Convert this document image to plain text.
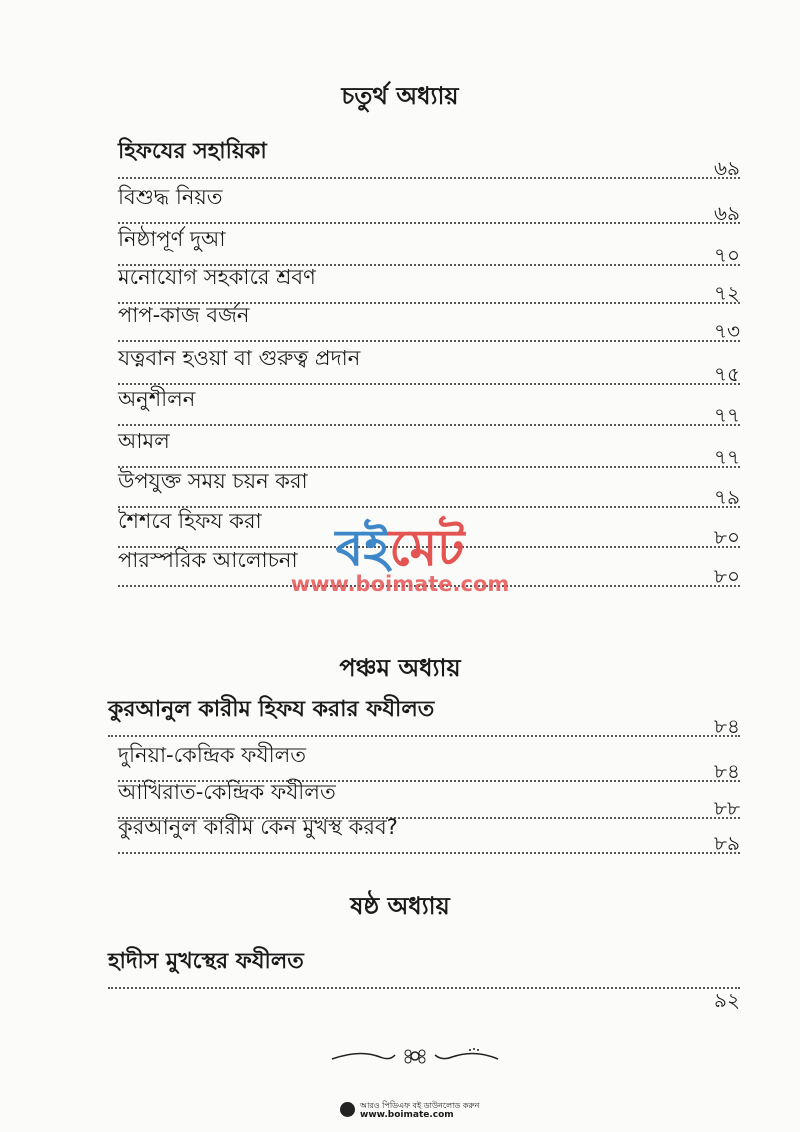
চতুর্থ অধ্যায়
হিফযের সহায়িকা
৬৯
বিশুদ্ধ নিয়ত
৬৯
নিষ্ঠাপূর্ণ দুআ
৭০
মনোযোগ সহকারে শ্রবণ
৭২
পাপ-কাজ বর্জন
৭৩
যত্নবান হওয়া বা গুরুত্ব প্রদান
৭৫
অনুশীলন
৭৭
আমল
৭৭
উপযুক্ত সময় চয়ন করা
৭৯
শৈশবে হিফয করা
৮০
পারস্পরিক আলোচনা
৮০
পঞ্চম অধ্যায়
কুরআনুল কারীম হিফয করার ফযীলত
৮৪
দুনিয়া-কেন্দ্রিক ফযীলত
৮৪
আখিরাত-কেন্দ্রিক ফযীলত
৮৮
কুরআনুল কারীম কেন মুখস্থ করব?
৮৯
ষষ্ঠ অধ্যায়
হাদীস মুখস্থের ফযীলত
৯২
বইমেট
www.boimate.com
আরও পিডিএফ বই ডাউনলোড করুন
www.boimate.com
